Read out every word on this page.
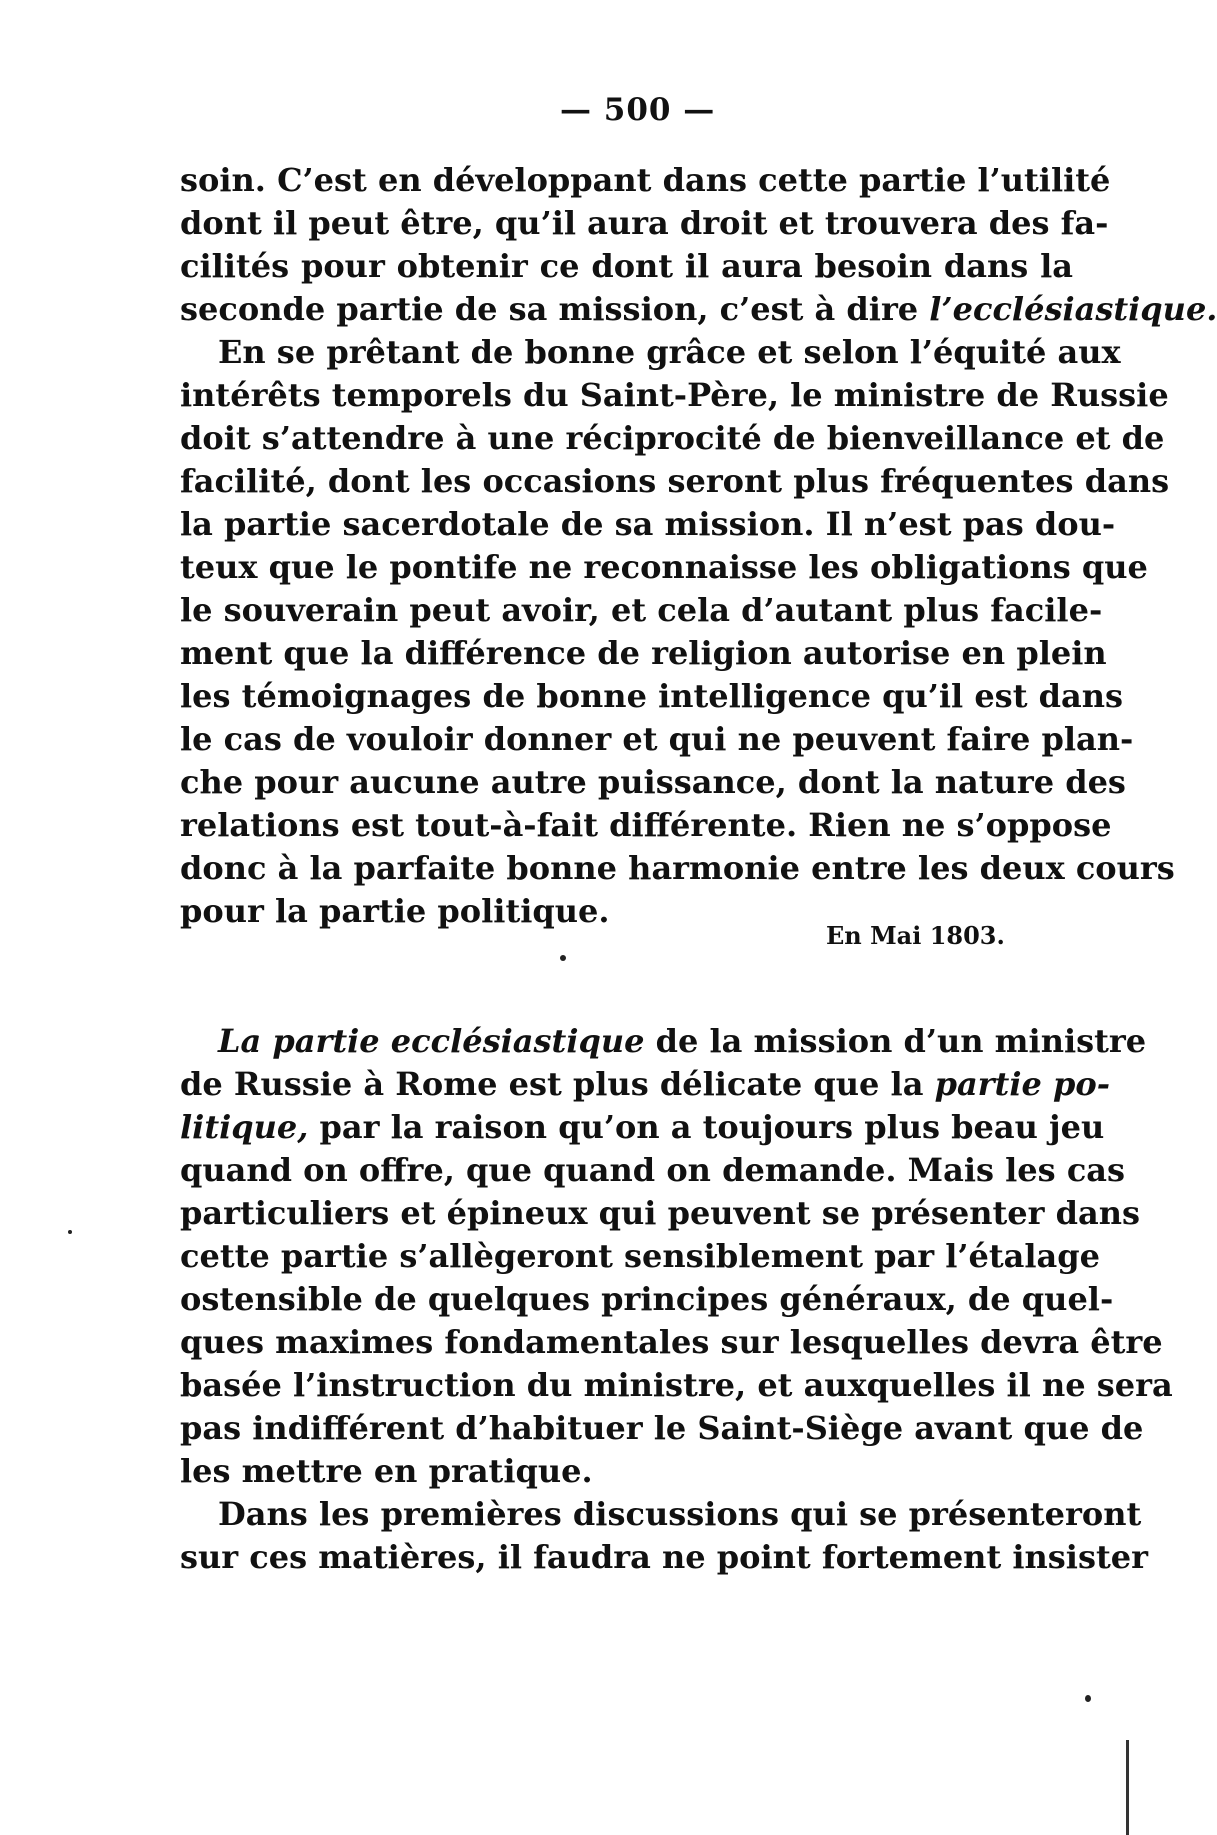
— 500 —
soin. C’est en développant dans cette partie l’utilité
dont il peut être, qu’il aura droit et trouvera des fa-
cilités pour obtenir ce dont il aura besoin dans la
seconde partie de sa mission, c’est à dire l’ecclésiastique.
En se prêtant de bonne grâce et selon l’équité aux
intérêts temporels du Saint-Père, le ministre de Russie
doit s’attendre à une réciprocité de bienveillance et de
facilité, dont les occasions seront plus fréquentes dans
la partie sacerdotale de sa mission. Il n’est pas dou-
teux que le pontife ne reconnaisse les obligations que
le souverain peut avoir, et cela d’autant plus facile-
ment que la différence de religion autorise en plein
les témoignages de bonne intelligence qu’il est dans
le cas de vouloir donner et qui ne peuvent faire plan-
che pour aucune autre puissance, dont la nature des
relations est tout-à-fait différente. Rien ne s’oppose
donc à la parfaite bonne harmonie entre les deux cours
pour la partie politique.
En Mai 1803.
La partie ecclésiastique de la mission d’un ministre
de Russie à Rome est plus délicate que la partie po-
litique, par la raison qu’on a toujours plus beau jeu
quand on offre, que quand on demande. Mais les cas
particuliers et épineux qui peuvent se présenter dans
cette partie s’allègeront sensiblement par l’étalage
ostensible de quelques principes généraux, de quel-
ques maximes fondamentales sur lesquelles devra être
basée l’instruction du ministre, et auxquelles il ne sera
pas indifférent d’habituer le Saint-Siège avant que de
les mettre en pratique.
Dans les premières discussions qui se présenteront
sur ces matières, il faudra ne point fortement insister
